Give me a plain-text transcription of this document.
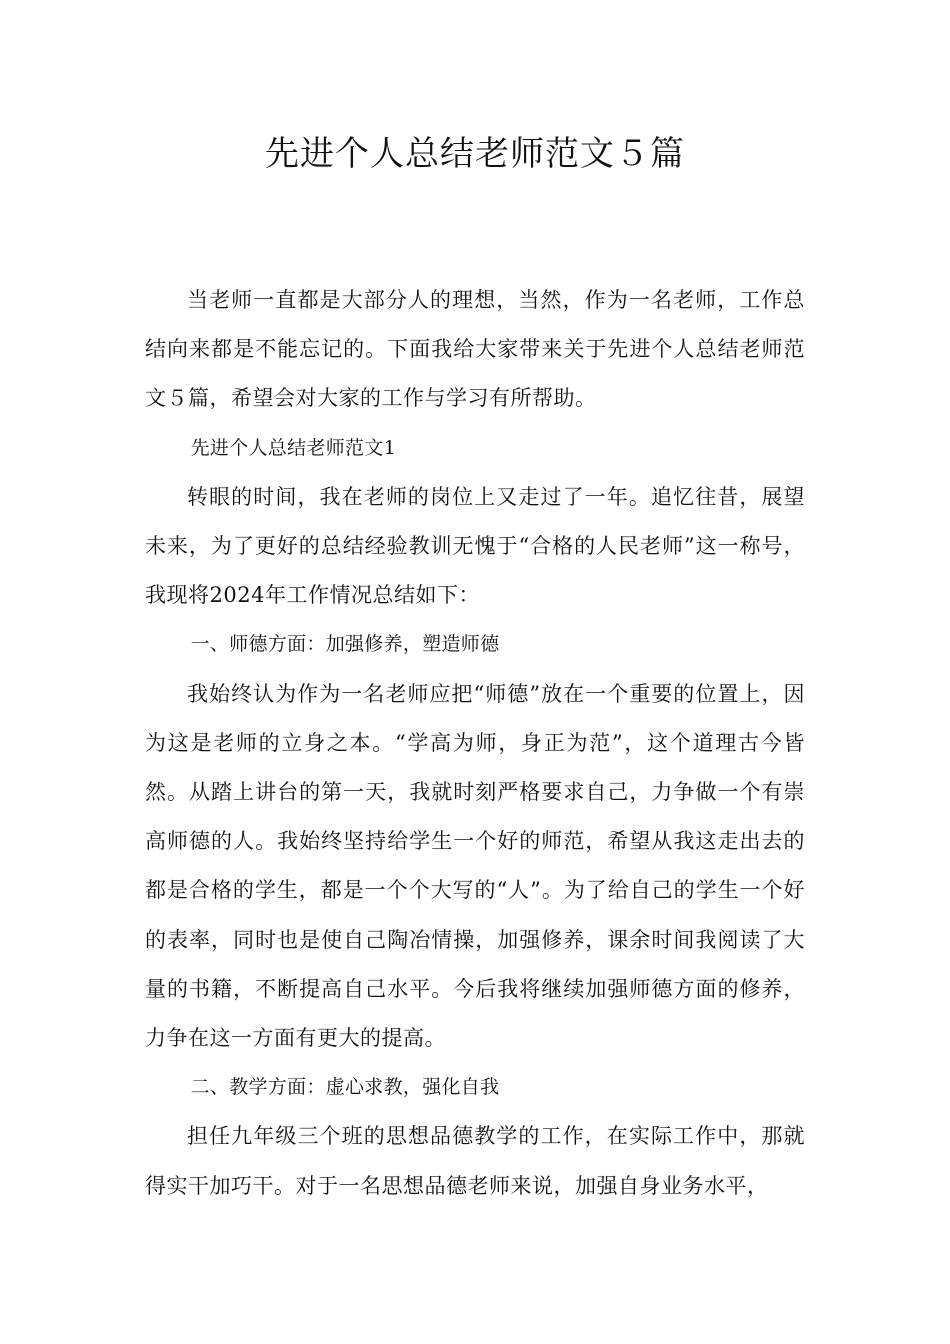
先进个人总结老师范文５篇

当老师一直都是大部分人的理想，当然，作为一名老师，工作总结向来都是不能忘记的。下面我给大家带来关于先进个人总结老师范文５篇，希望会对大家的工作与学习有所帮助。

先进个人总结老师范文1

转眼的时间，我在老师的岗位上又走过了一年。追忆往昔，展望未来，为了更好的总结经验教训无愧于“合格的人民老师”这一称号，我现将2024年工作情况总结如下：

一、师德方面：加强修养，塑造师德

我始终认为作为一名老师应把“师德”放在一个重要的位置上，因为这是老师的立身之本。“学高为师，身正为范”，这个道理古今皆然。从踏上讲台的第一天，我就时刻严格要求自己，力争做一个有崇高师德的人。我始终坚持给学生一个好的师范，希望从我这走出去的都是合格的学生，都是一个个大写的“人”。为了给自己的学生一个好的表率，同时也是使自己陶冶情操，加强修养，课余时间我阅读了大量的书籍，不断提高自己水平。今后我将继续加强师德方面的修养，力争在这一方面有更大的提高。

二、教学方面：虚心求教，强化自我

担任九年级三个班的思想品德教学的工作，在实际工作中，那就得实干加巧干。对于一名思想品德老师来说，加强自身业务水平，
